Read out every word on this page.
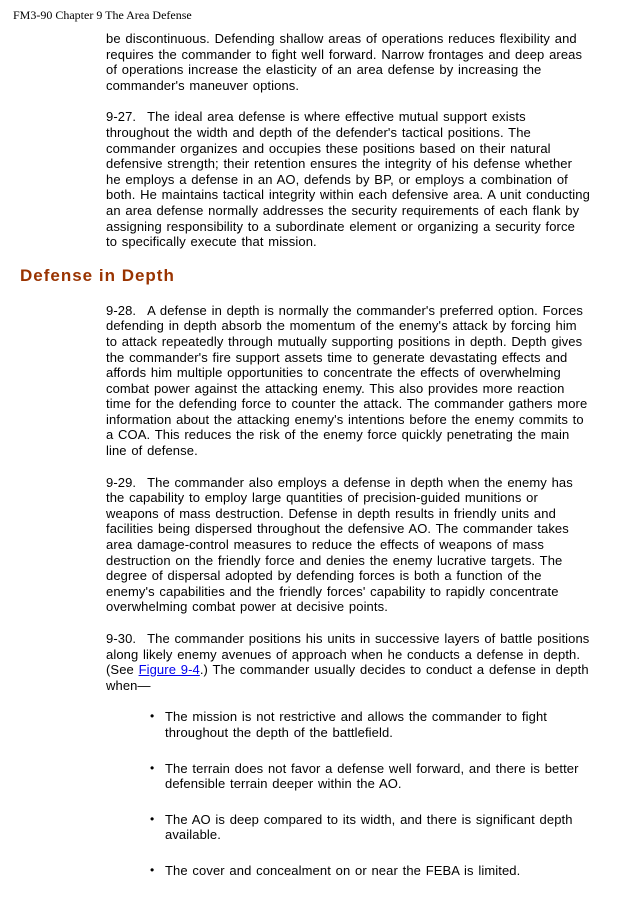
FM3-90 Chapter 9 The Area Defense

be discontinuous. Defending shallow areas of operations reduces flexibility and requires the commander to fight well forward. Narrow frontages and deep areas of operations increase the elasticity of an area defense by increasing the commander's maneuver options.

9-27. The ideal area defense is where effective mutual support exists throughout the width and depth of the defender's tactical positions. The commander organizes and occupies these positions based on their natural defensive strength; their retention ensures the integrity of his defense whether he employs a defense in an AO, defends by BP, or employs a combination of both. He maintains tactical integrity within each defensive area. A unit conducting an area defense normally addresses the security requirements of each flank by assigning responsibility to a subordinate element or organizing a security force to specifically execute that mission.

Defense in Depth

9-28. A defense in depth is normally the commander's preferred option. Forces defending in depth absorb the momentum of the enemy's attack by forcing him to attack repeatedly through mutually supporting positions in depth. Depth gives the commander's fire support assets time to generate devastating effects and affords him multiple opportunities to concentrate the effects of overwhelming combat power against the attacking enemy. This also provides more reaction time for the defending force to counter the attack. The commander gathers more information about the attacking enemy's intentions before the enemy commits to a COA. This reduces the risk of the enemy force quickly penetrating the main line of defense.

9-29. The commander also employs a defense in depth when the enemy has the capability to employ large quantities of precision-guided munitions or weapons of mass destruction. Defense in depth results in friendly units and facilities being dispersed throughout the defensive AO. The commander takes area damage-control measures to reduce the effects of weapons of mass destruction on the friendly force and denies the enemy lucrative targets. The degree of dispersal adopted by defending forces is both a function of the enemy's capabilities and the friendly forces' capability to rapidly concentrate overwhelming combat power at decisive points.

9-30. The commander positions his units in successive layers of battle positions along likely enemy avenues of approach when he conducts a defense in depth. (See Figure 9-4.) The commander usually decides to conduct a defense in depth when—

• The mission is not restrictive and allows the commander to fight throughout the depth of the battlefield.
• The terrain does not favor a defense well forward, and there is better defensible terrain deeper within the AO.
• The AO is deep compared to its width, and there is significant depth available.
• The cover and concealment on or near the FEBA is limited.
